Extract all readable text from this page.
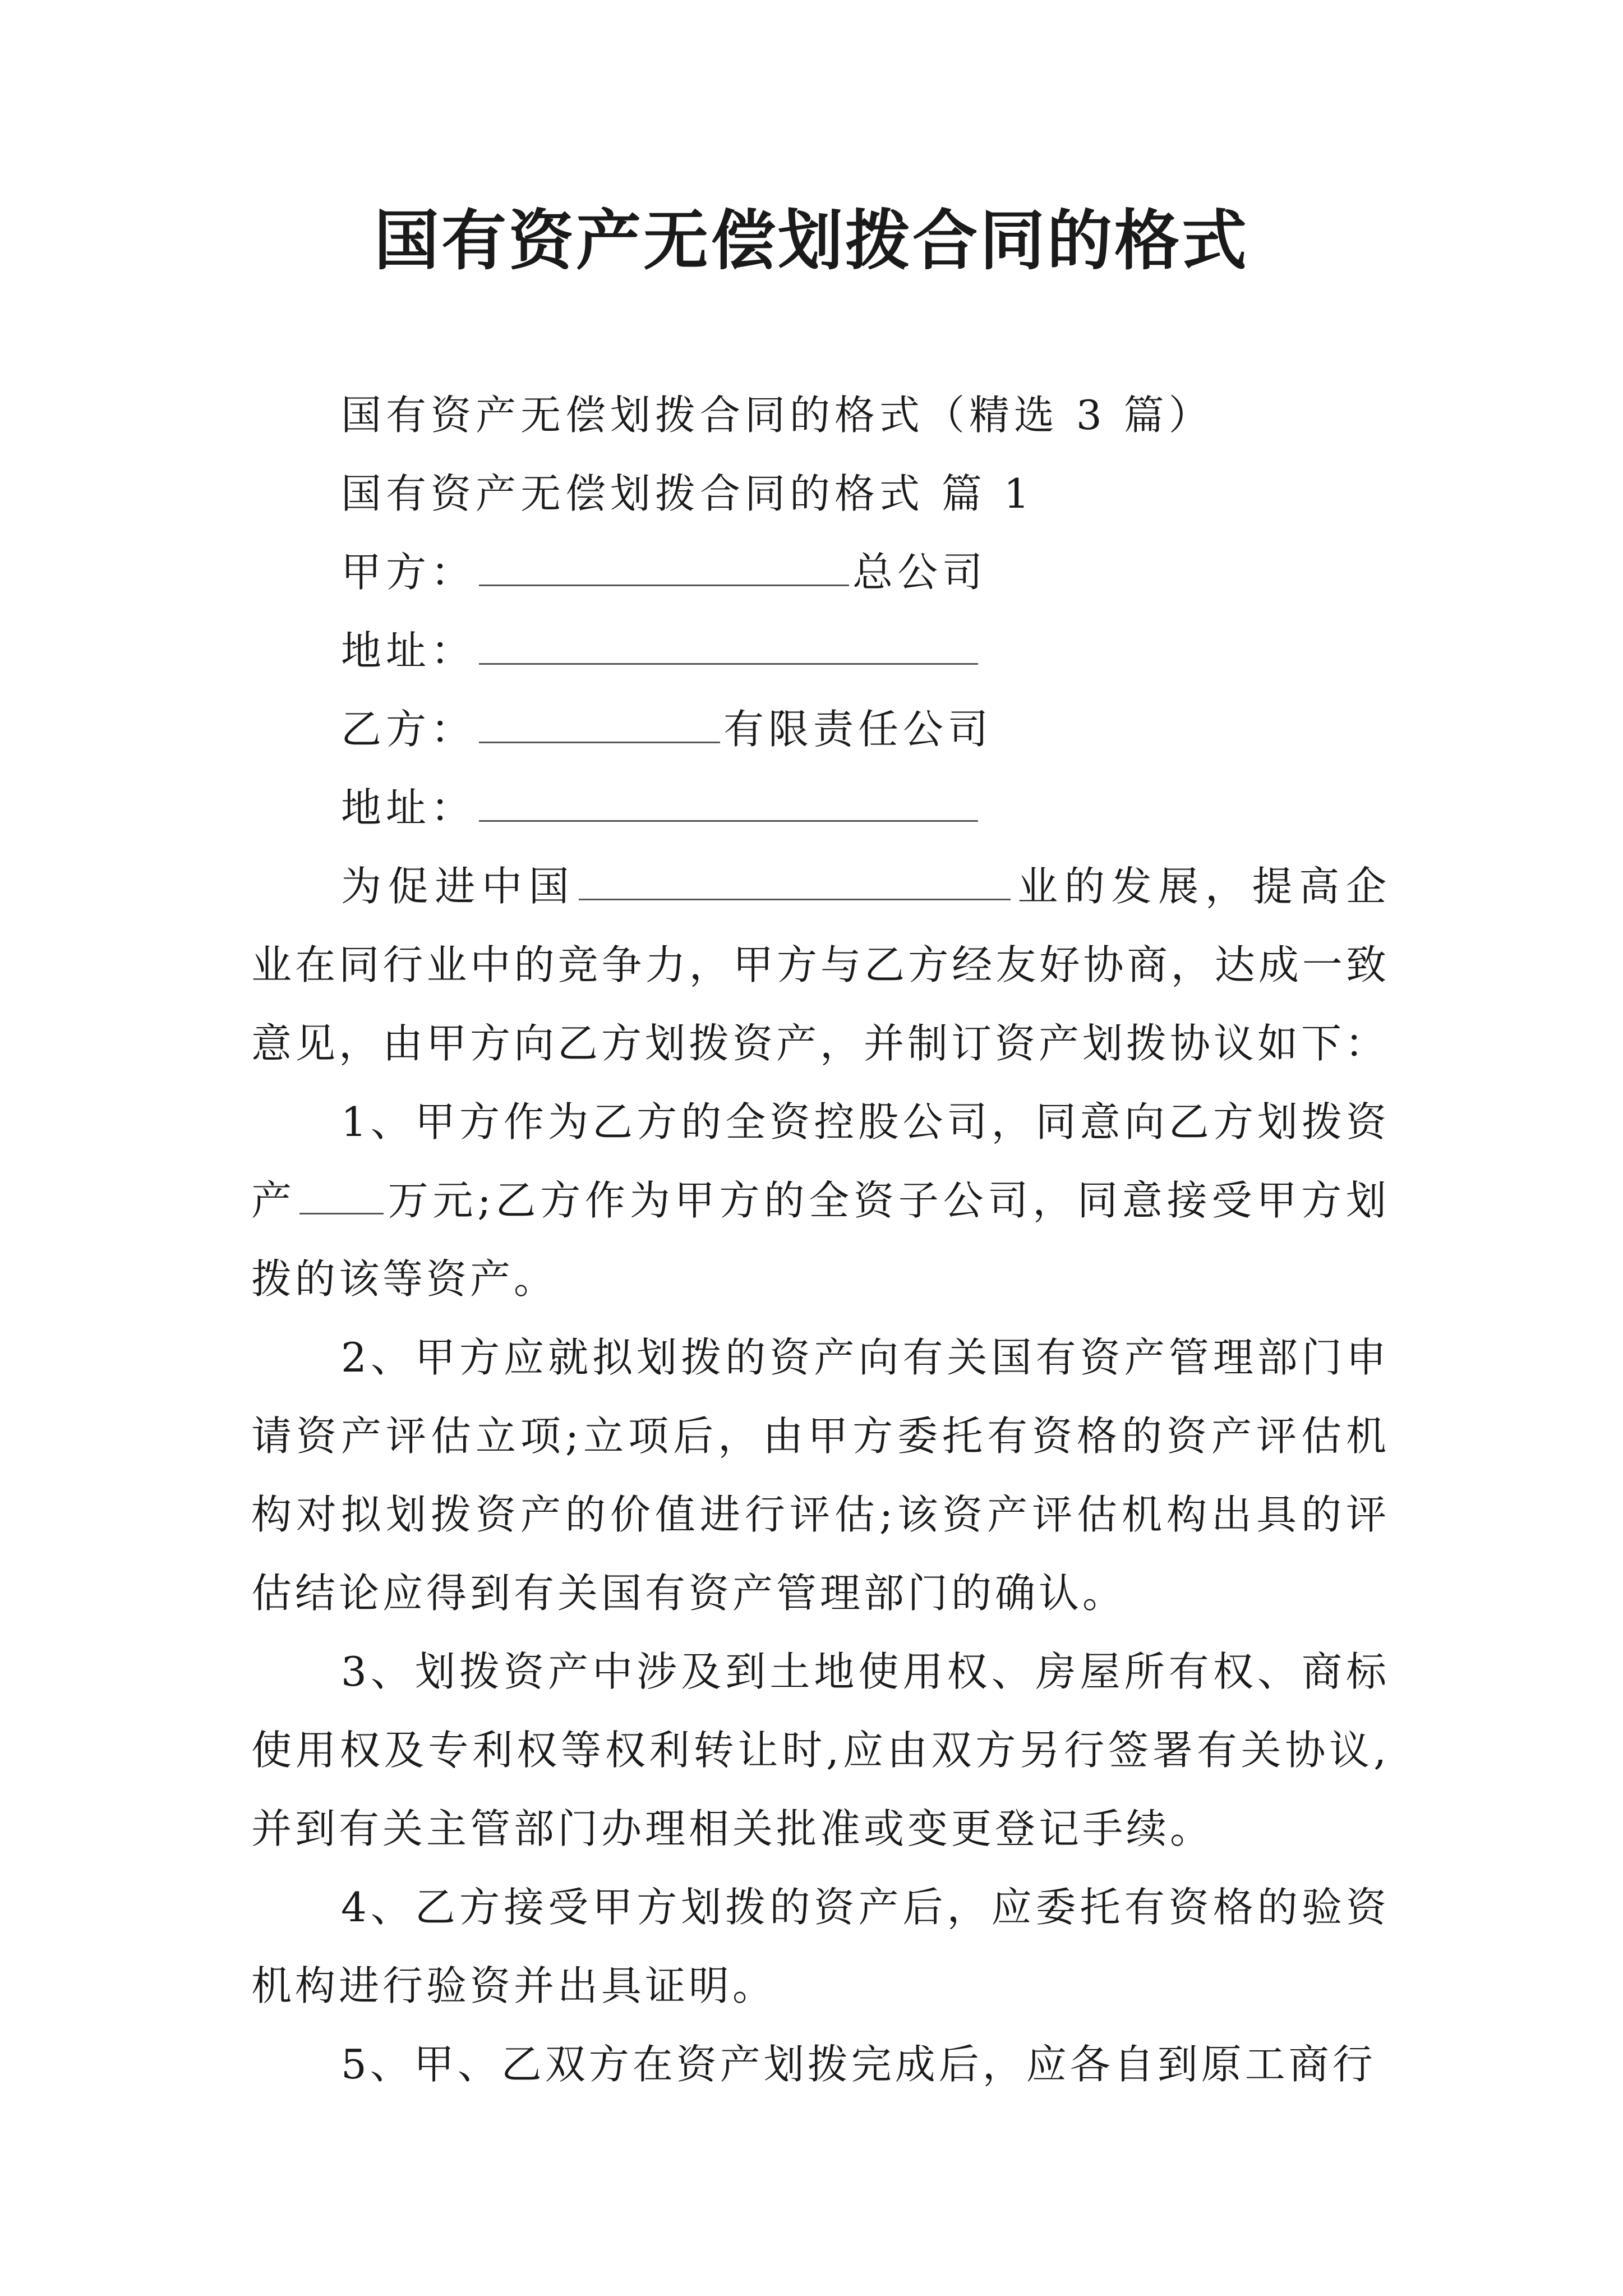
国有资产无偿划拨合同的格式

国有资产无偿划拨合同的格式（精选 3 篇）

国有资产无偿划拨合同的格式 篇 1

甲方：	总公司

地址：

乙方：	有限责任公司

地址：

为促进中国	业的发展，提高企业在同行业中的竞争力，甲方与乙方经友好协商，达成一致意见，由甲方向乙方划拨资产，并制订资产划拨协议如下：

1、甲方作为乙方的全资控股公司，同意向乙方划拨资产 万元;乙方作为甲方的全资子公司，同意接受甲方划拨的该等资产。

2、甲方应就拟划拨的资产向有关国有资产管理部门申请资产评估立项;立项后，由甲方委托有资格的资产评估机构对拟划拨资产的价值进行评估;该资产评估机构出具的评估结论应得到有关国有资产管理部门的确认。

3、划拨资产中涉及到土地使用权、房屋所有权、商标使用权及专利权等权利转让时,应由双方另行签署有关协议,并到有关主管部门办理相关批准或变更登记手续。

4、乙方接受甲方划拨的资产后，应委托有资格的验资机构进行验资并出具证明。

5、甲、乙双方在资产划拨完成后，应各自到原工商行
